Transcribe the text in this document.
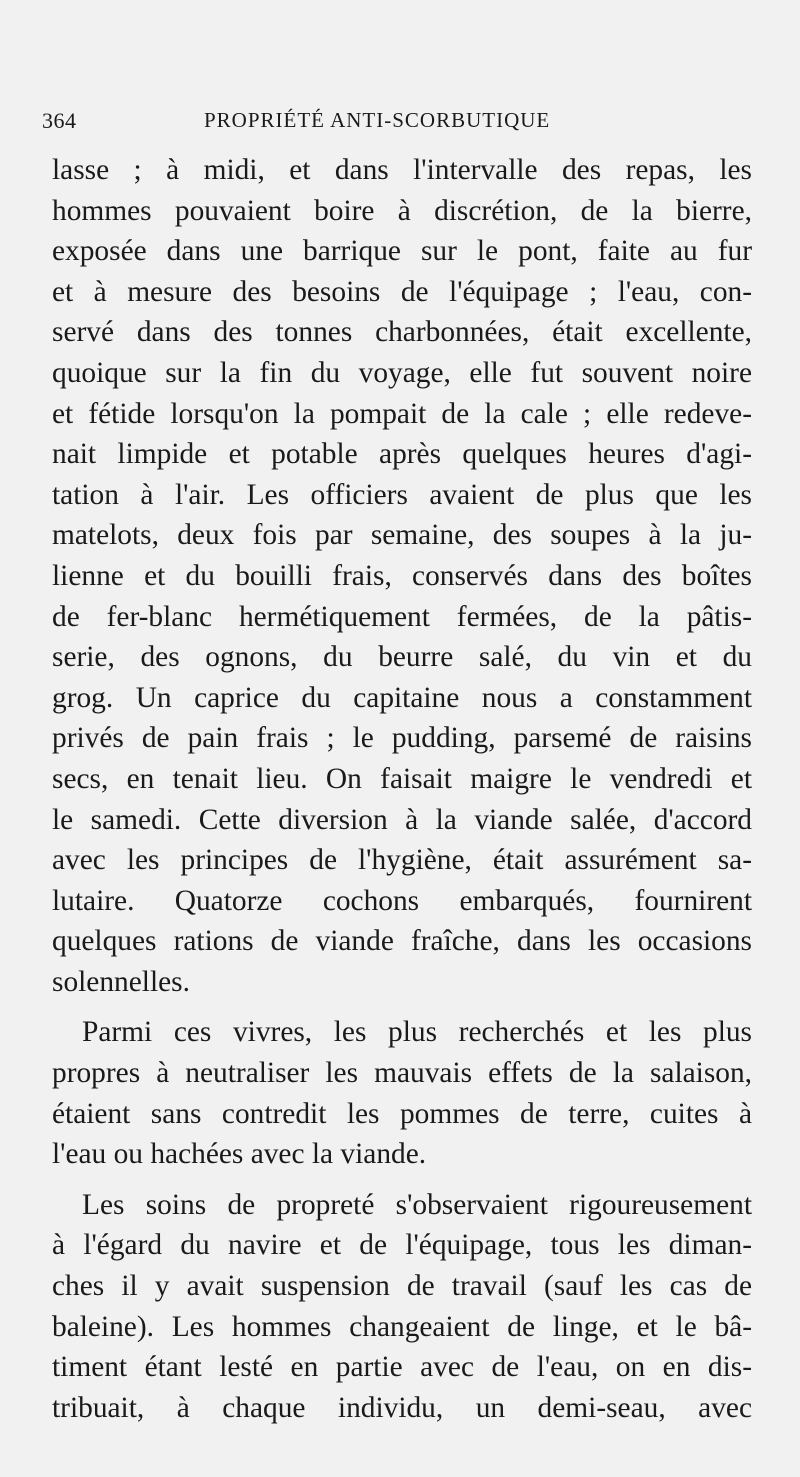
364	PROPRIÉTÉ ANTI-SCORBUTIQUE

lasse ; à midi, et dans l'intervalle des repas, les
hommes pouvaient boire à discrétion, de la bierre,
exposée dans une barrique sur le pont, faite au fur
et à mesure des besoins de l'équipage ; l'eau, con-
servé dans des tonnes charbonnées, était excellente,
quoique sur la fin du voyage, elle fut souvent noire
et fétide lorsqu'on la pompait de la cale ; elle redeve-
nait limpide et potable après quelques heures d'agi-
tation à l'air. Les officiers avaient de plus que les
matelots, deux fois par semaine, des soupes à la ju-
lienne et du bouilli frais, conservés dans des boîtes
de fer-blanc hermétiquement fermées, de la pâtis-
serie, des ognons, du beurre salé, du vin et du
grog. Un caprice du capitaine nous a constamment
privés de pain frais ; le pudding, parsemé de raisins
secs, en tenait lieu. On faisait maigre le vendredi et
le samedi. Cette diversion à la viande salée, d'accord
avec les principes de l'hygiène, était assurément sa-
lutaire. Quatorze cochons embarqués, fournirent
quelques rations de viande fraîche, dans les occasions
solennelles.

Parmi ces vivres, les plus recherchés et les plus
propres à neutraliser les mauvais effets de la salaison,
étaient sans contredit les pommes de terre, cuites à
l'eau ou hachées avec la viande.

Les soins de propreté s'observaient rigoureusement
à l'égard du navire et de l'équipage, tous les diman-
ches il y avait suspension de travail (sauf les cas de
baleine). Les hommes changeaient de linge, et le bâ-
timent étant lesté en partie avec de l'eau, on en dis-
tribuait, à chaque individu, un demi-seau, avec
